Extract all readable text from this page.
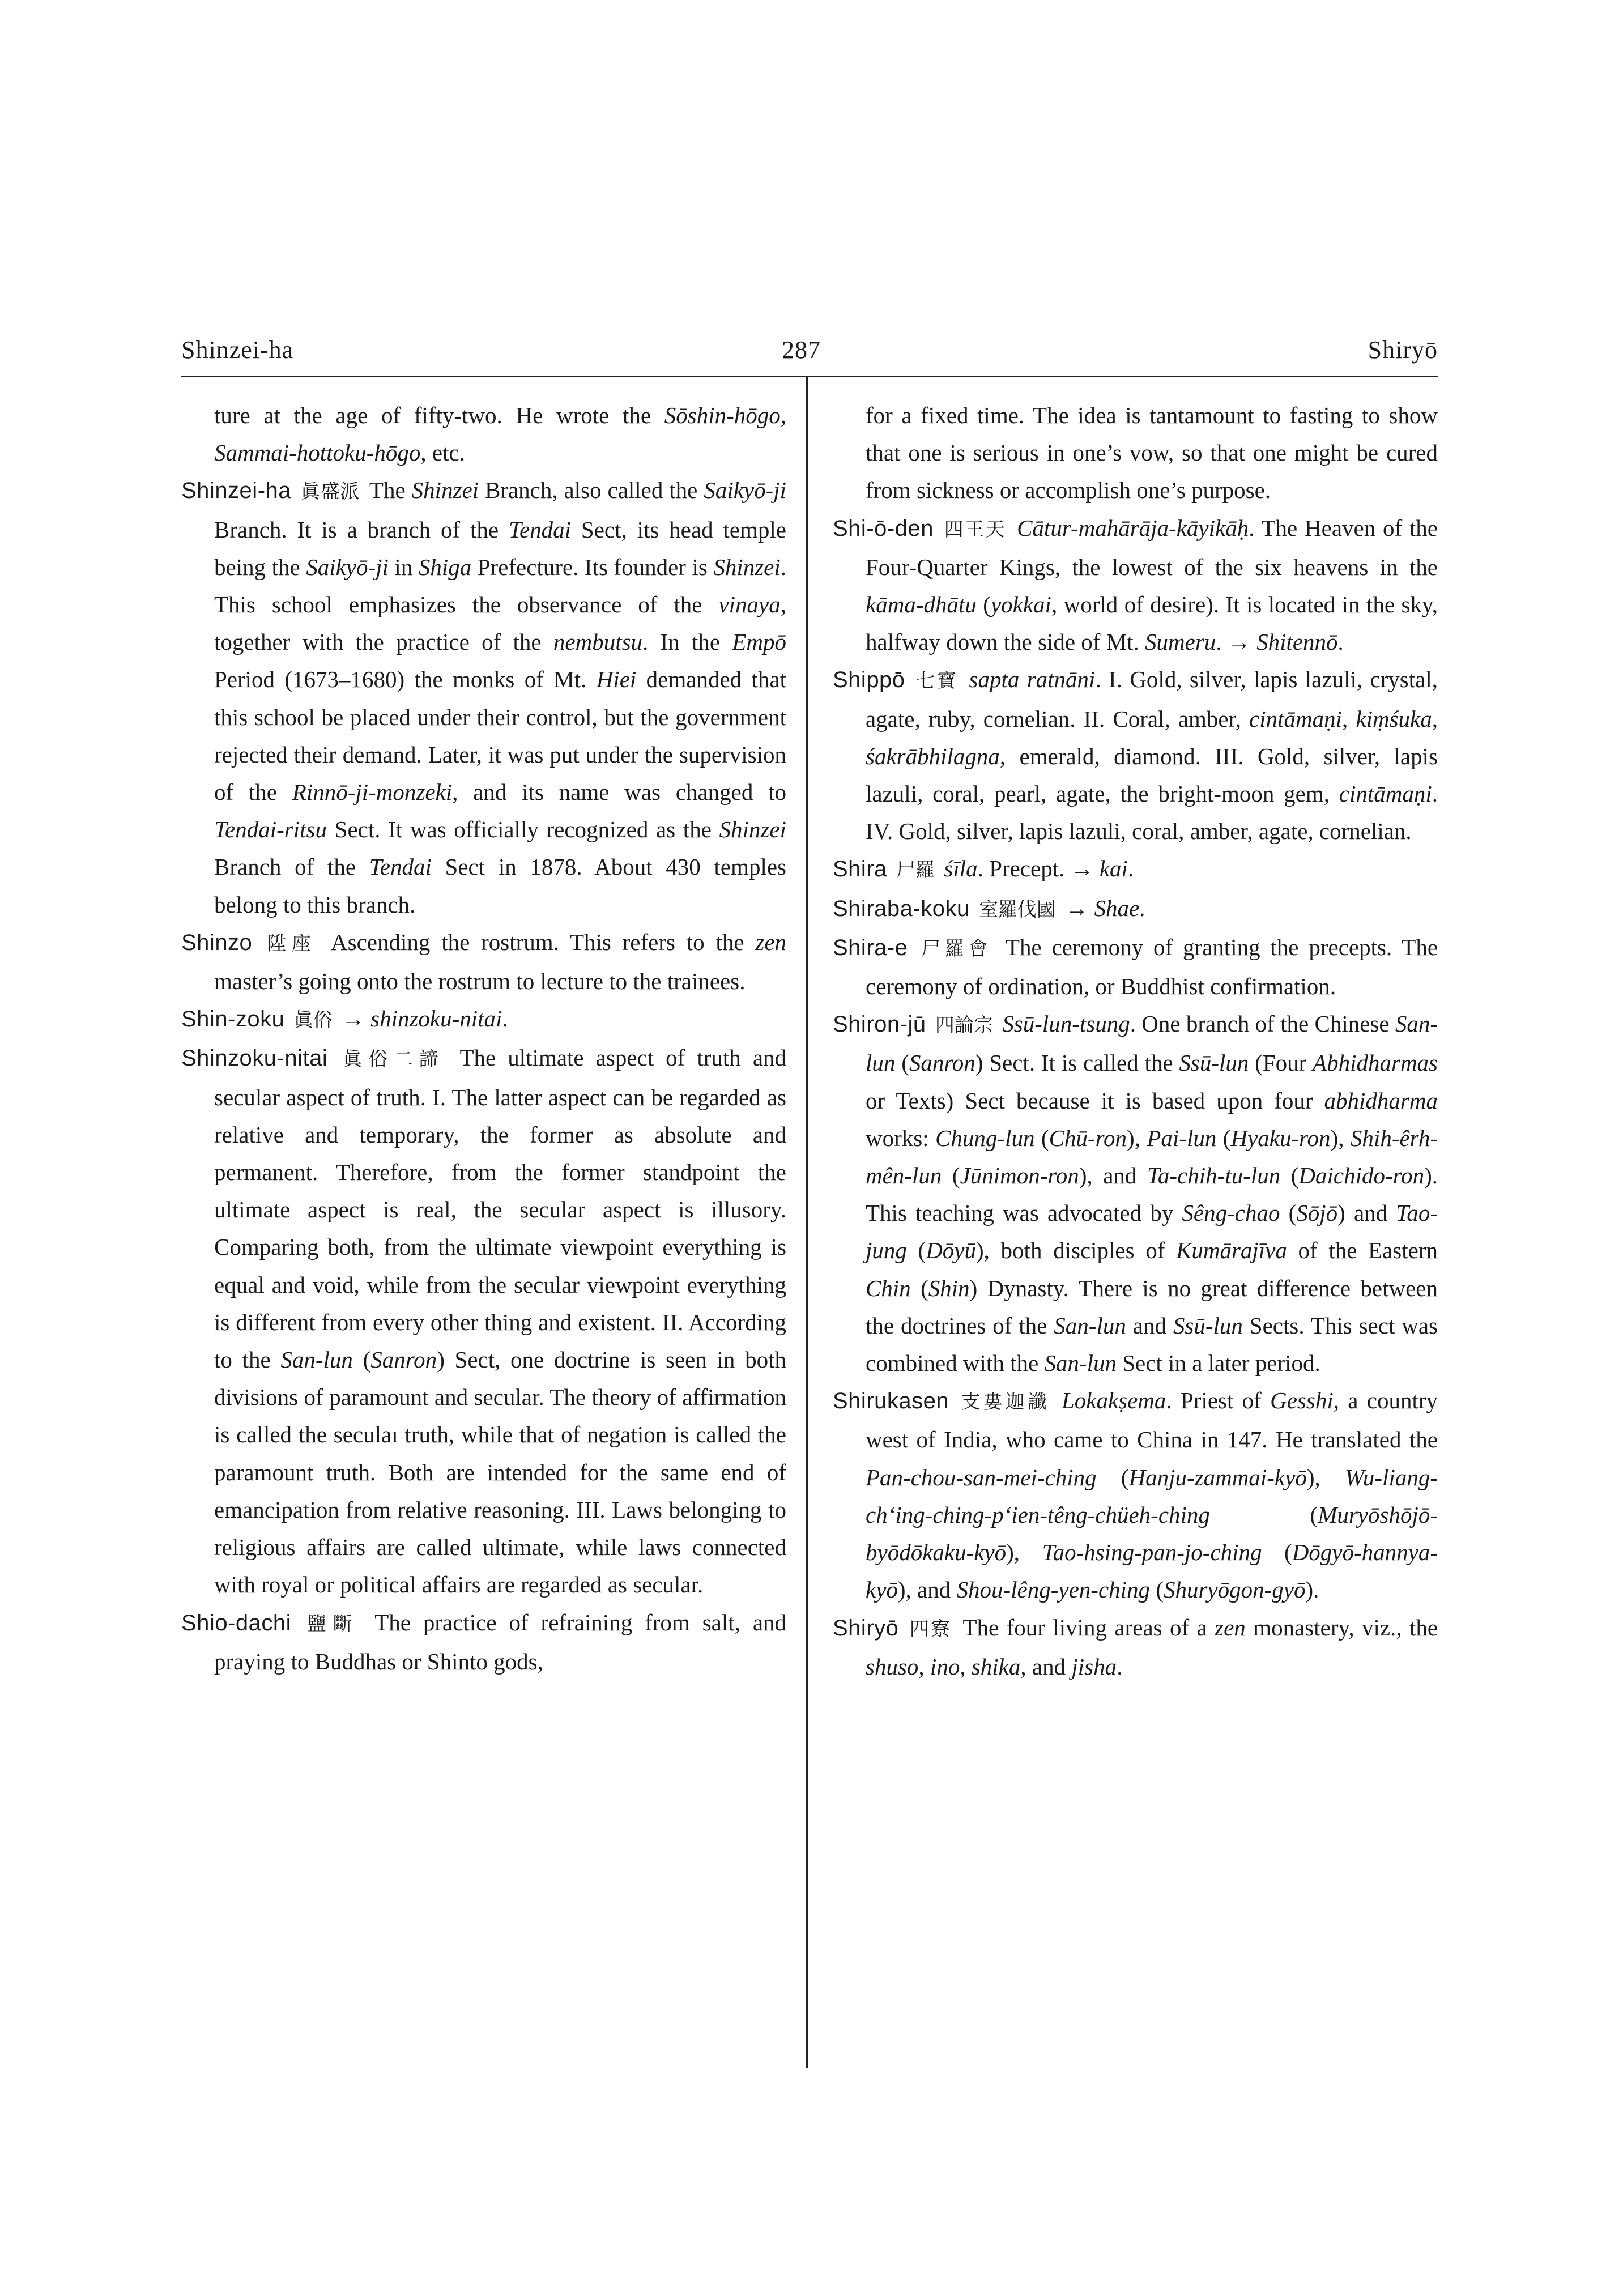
Shinzei-ha	287	Shiryō

ture at the age of fifty-two. He wrote the Sōshin-hōgo, Sammai-hottoku-hōgo, etc.

Shinzei-ha 眞盛派 The Shinzei Branch, also called the Saikyō-ji Branch. It is a branch of the Tendai Sect, its head temple being the Saikyō-ji in Shiga Prefecture. Its founder is Shinzei. This school emphasizes the observance of the vinaya, together with the practice of the nembutsu. In the Empō Period (1673–1680) the monks of Mt. Hiei demanded that this school be placed under their control, but the government rejected their demand. Later, it was put under the supervision of the Rinnō-ji-monzeki, and its name was changed to Tendai-ritsu Sect. It was officially recognized as the Shinzei Branch of the Tendai Sect in 1878. About 430 temples belong to this branch.

Shinzo 陞座 Ascending the rostrum. This refers to the zen master’s going onto the rostrum to lecture to the trainees.

Shin-zoku 眞俗 → shinzoku-nitai.

Shinzoku-nitai 眞俗二諦 The ultimate aspect of truth and secular aspect of truth. I. The latter aspect can be regarded as relative and temporary, the former as absolute and permanent. Therefore, from the former standpoint the ultimate aspect is real, the secular aspect is illusory. Comparing both, from the ultimate viewpoint everything is equal and void, while from the secular viewpoint everything is different from every other thing and existent. II. According to the San-lun (Sanron) Sect, one doctrine is seen in both divisions of paramount and secular. The theory of affirmation is called the seculaı truth, while that of negation is called the paramount truth. Both are intended for the same end of emancipation from relative reasoning. III. Laws belonging to religious affairs are called ultimate, while laws connected with royal or political affairs are regarded as secular.

Shio-dachi 鹽斷 The practice of refraining from salt, and praying to Buddhas or Shinto gods,

for a fixed time. The idea is tantamount to fasting to show that one is serious in one’s vow, so that one might be cured from sickness or accomplish one’s purpose.

Shi-ō-den 四王天 Cātur-mahārāja-kāyikāḥ. The Heaven of the Four-Quarter Kings, the lowest of the six heavens in the kāma-dhātu (yokkai, world of desire). It is located in the sky, halfway down the side of Mt. Sumeru. → Shitennō.

Shippō 七寶 sapta ratnāni. I. Gold, silver, lapis lazuli, crystal, agate, ruby, cornelian. II. Coral, amber, cintāmaṇi, kiṃśuka, śakrābhilagna, emerald, diamond. III. Gold, silver, lapis lazuli, coral, pearl, agate, the bright-moon gem, cintāmaṇi. IV. Gold, silver, lapis lazuli, coral, amber, agate, cornelian.

Shira 尸羅 śīla. Precept. → kai.

Shiraba-koku 室羅伐國 → Shae.

Shira-e 尸羅會 The ceremony of granting the precepts. The ceremony of ordination, or Buddhist confirmation.

Shiron-jū 四論宗 Ssū-lun-tsung. One branch of the Chinese San-lun (Sanron) Sect. It is called the Ssū-lun (Four Abhidharmas or Texts) Sect because it is based upon four abhidharma works: Chung-lun (Chū-ron), Pai-lun (Hyaku-ron), Shih-êrh-mên-lun (Jūnimon-ron), and Ta-chih-tu-lun (Daichido-ron). This teaching was advocated by Sêng-chao (Sōjō) and Tao-jung (Dōyū), both disciples of Kumārajīva of the Eastern Chin (Shin) Dynasty. There is no great difference between the doctrines of the San-lun and Ssū-lun Sects. This sect was combined with the San-lun Sect in a later period.

Shirukasen 支婁迦讖 Lokakṣema. Priest of Gesshi, a country west of India, who came to China in 147. He translated the Pan-chou-san-mei-ching (Hanju-zammai-kyō), Wu-liang-ch‘ing-ching-p‘ien-têng-chüeh-ching (Muryōshōjō-byōdōkaku-kyō), Tao-hsing-pan-jo-ching (Dōgyō-hannya-kyō), and Shou-lêng-yen-ching (Shuryōgon-gyō).

Shiryō 四寮 The four living areas of a zen monastery, viz., the shuso, ino, shika, and jisha.
